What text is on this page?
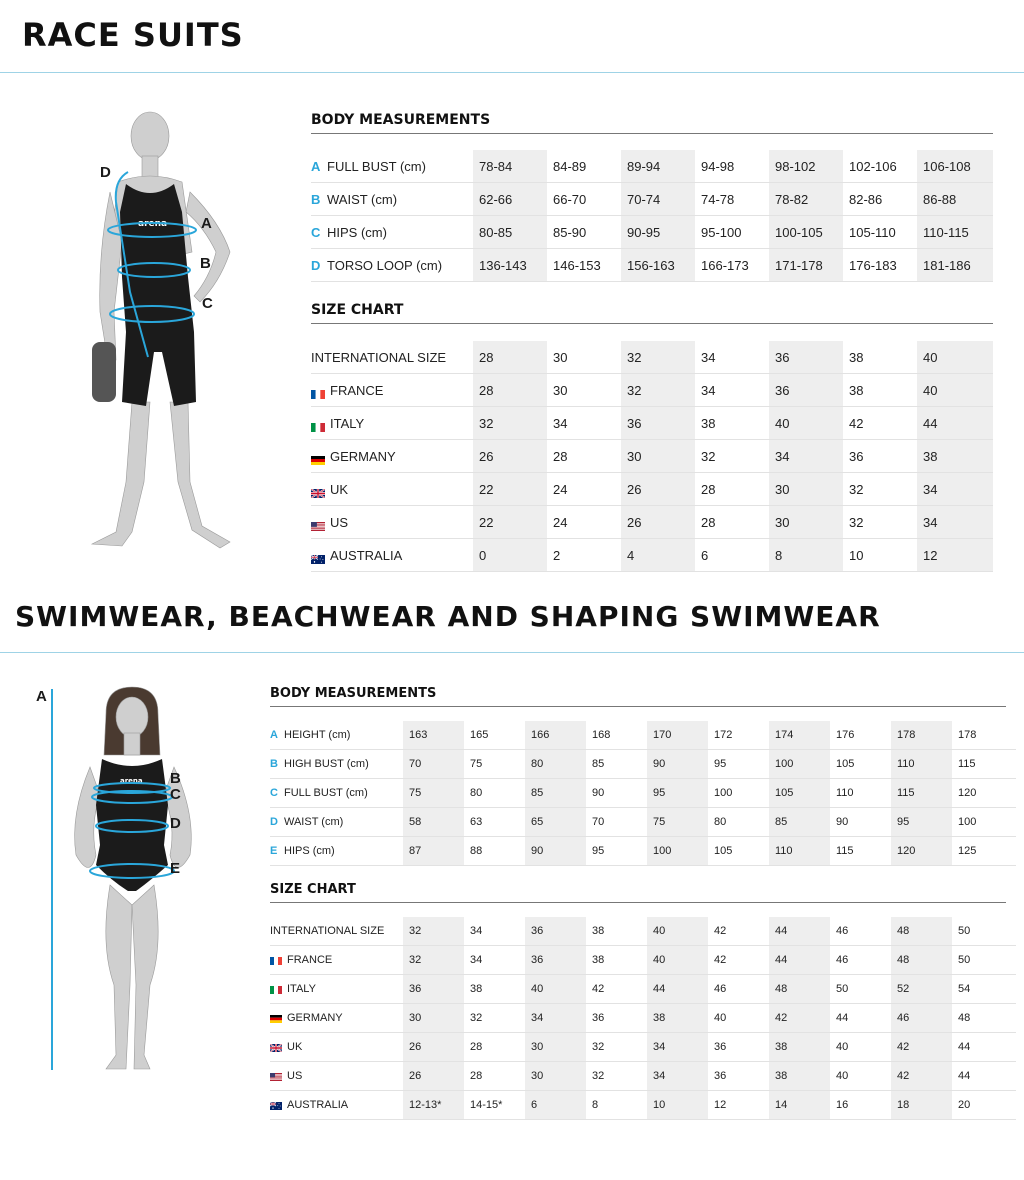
RACE SUITS
arena
D
A
B
C
BODY MEASUREMENTS
A FULL BUST (cm)	78-84	84-89	89-94	94-98	98-102	102-106	106-108
B WAIST (cm)	62-66	66-70	70-74	74-78	78-82	82-86	86-88
C HIPS (cm)	80-85	85-90	90-95	95-100	100-105	105-110	110-115
D TORSO LOOP (cm)	136-143	146-153	156-163	166-173	171-178	176-183	181-186
SIZE CHART
INTERNATIONAL SIZE	28	30	32	34	36	38	40
FRANCE	28	30	32	34	36	38	40
ITALY	32	34	36	38	40	42	44
GERMANY	26	28	30	32	34	36	38
UK	22	24	26	28	30	32	34
US	22	24	26	28	30	32	34
AUSTRALIA	0	2	4	6	8	10	12
SWIMWEAR, BEACHWEAR AND SHAPING SWIMWEAR
A
arena B
C
D
E
BODY MEASUREMENTS
A HEIGHT (cm)	163	165	166	168	170	172	174	176	178	178
B HIGH BUST (cm)	70	75	80	85	90	95	100	105	110	115
C FULL BUST (cm)	75	80	85	90	95	100	105	110	115	120
D WAIST (cm)	58	63	65	70	75	80	85	90	95	100
E HIPS (cm)	87	88	90	95	100	105	110	115	120	125
SIZE CHART
INTERNATIONAL SIZE	32	34	36	38	40	42	44	46	48	50
FRANCE	32	34	36	38	40	42	44	46	48	50
ITALY	36	38	40	42	44	46	48	50	52	54
GERMANY	30	32	34	36	38	40	42	44	46	48
UK	26	28	30	32	34	36	38	40	42	44
US	26	28	30	32	34	36	38	40	42	44
AUSTRALIA	12-13*	14-15*	6	8	10	12	14	16	18	20
